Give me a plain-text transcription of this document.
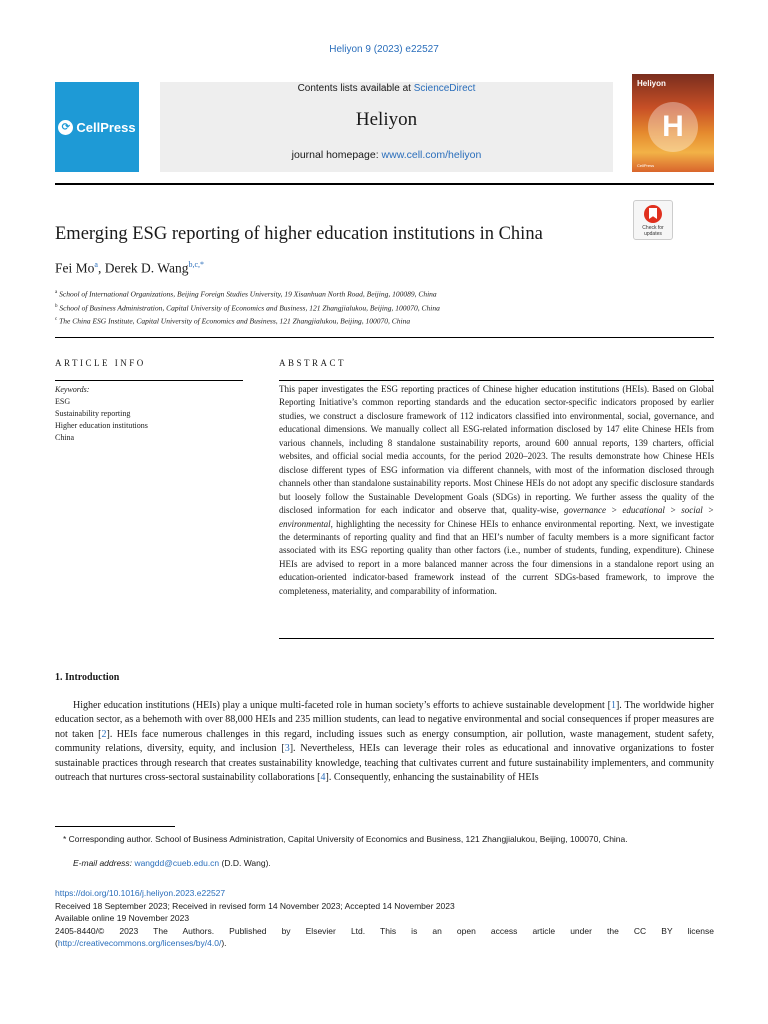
Heliyon 9 (2023) e22527
⟳ CellPress
Contents lists available at ScienceDirect
Heliyon
journal homepage: www.cell.com/heliyon
Heliyon
H
CellPress
Check for updates
Emerging ESG reporting of higher education institutions in China
Fei Mo$^a$, Derek D. Wang$^{b,c,*}$
$^a$ School of International Organizations, Beijing Foreign Studies University, 19 Xisanhuan North Road, Beijing, 100089, China
$^b$ School of Business Administration, Capital University of Economics and Business, 121 Zhangjialukou, Beijing, 100070, China
$^c$ The China ESG Institute, Capital University of Economics and Business, 121 Zhangjialukou, Beijing, 100070, China
ARTICLE INFO
Keywords:
ESG
Sustainability reporting
Higher education institutions
China
ABSTRACT
This paper investigates the ESG reporting practices of Chinese higher education institutions (HEIs). Based on Global Reporting Initiative’s common reporting standards and the education sector-specific indicators proposed by earlier studies, we construct a disclosure framework of 112 indicators classified into environmental, social, governance, and educational dimensions. We manually collect all ESG-related information disclosed by 147 elite Chinese HEIs from various channels, including 8 standalone sustainability reports, around 600 annual reports, 139 charters, official websites, and official social media accounts, for the period 2020–2023. The results demonstrate how Chinese HEIs disclose different types of ESG information via different channels, with most of the information disclosed through channels other than standalone sustainability reports. Most Chinese HEIs do not adopt any specific disclosure standards but loosely follow the Sustainable Development Goals (SDGs) in reporting. We further assess the quality of the disclosed information for each indicator and observe that, quality-wise, governance > educational > social > environmental, highlighting the necessity for Chinese HEIs to enhance environmental reporting. Next, we investigate the determinants of reporting quality and find that an HEI’s number of faculty members is a more significant factor associated with its ESG reporting quality than other factors (i.e., number of students, funding, expenditure). Chinese HEIs are advised to report in a more balanced manner across the four dimensions in a standalone report using an education-oriented indicator-based framework instead of the current SDGs-based framework, to improve the completeness, materiality, and comparability of information.
1. Introduction
Higher education institutions (HEIs) play a unique multi-faceted role in human society’s efforts to achieve sustainable development [1]. The worldwide higher education sector, as a behemoth with over 88,000 HEIs and 235 million students, can lead to negative environmental and social consequences if proper measures are not taken [2]. HEIs face numerous challenges in this regard, including issues such as energy consumption, air pollution, waste management, student safety, community relations, diversity, equity, and inclusion [3]. Nevertheless, HEIs can leverage their roles as educational and innovative organizations to foster sustainable practices through research that creates sustainability knowledge, teaching that cultivates current and future sustainability implementers, and community outreach that nurtures cross-sectoral sustainability collaborations [4]. Consequently, enhancing the sustainability of HEIs
* Corresponding author. School of Business Administration, Capital University of Economics and Business, 121 Zhangjialukou, Beijing, 100070, China.
E-mail address: wangdd@cueb.edu.cn (D.D. Wang).
https://doi.org/10.1016/j.heliyon.2023.e22527
Received 18 September 2023; Received in revised form 14 November 2023; Accepted 14 November 2023
Available online 19 November 2023
2405-8440/© 2023 The Authors. Published by Elsevier Ltd. This is an open access article under the CC BY license
(http://creativecommons.org/licenses/by/4.0/).
